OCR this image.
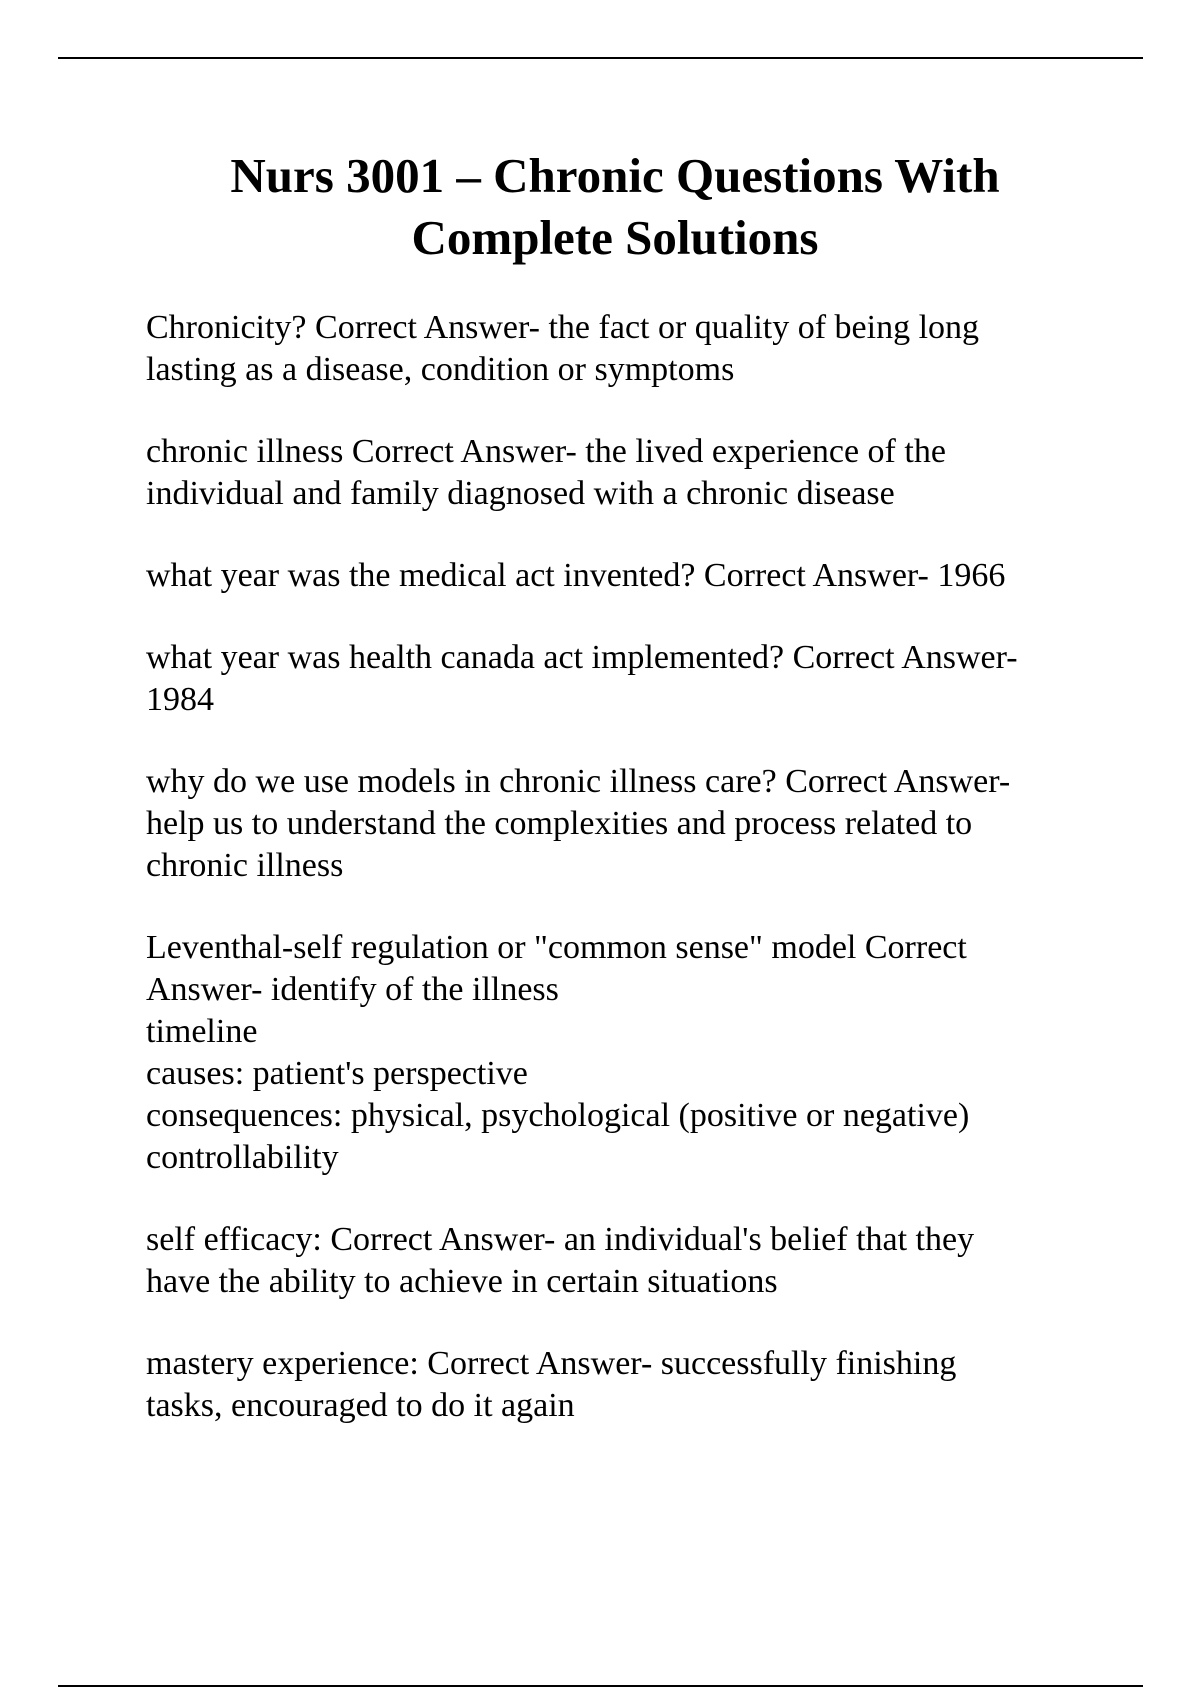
Nurs 3001 – Chronic Questions With
Complete Solutions
Chronicity? Correct Answer- the fact or quality of being long
lasting as a disease, condition or symptoms
chronic illness Correct Answer- the lived experience of the
individual and family diagnosed with a chronic disease
what year was the medical act invented? Correct Answer- 1966
what year was health canada act implemented? Correct Answer-
1984
why do we use models in chronic illness care? Correct Answer-
help us to understand the complexities and process related to
chronic illness
Leventhal-self regulation or "common sense" model Correct
Answer- identify of the illness
timeline
causes: patient's perspective
consequences: physical, psychological (positive or negative)
controllability
self efficacy: Correct Answer- an individual's belief that they
have the ability to achieve in certain situations
mastery experience: Correct Answer- successfully finishing
tasks, encouraged to do it again
